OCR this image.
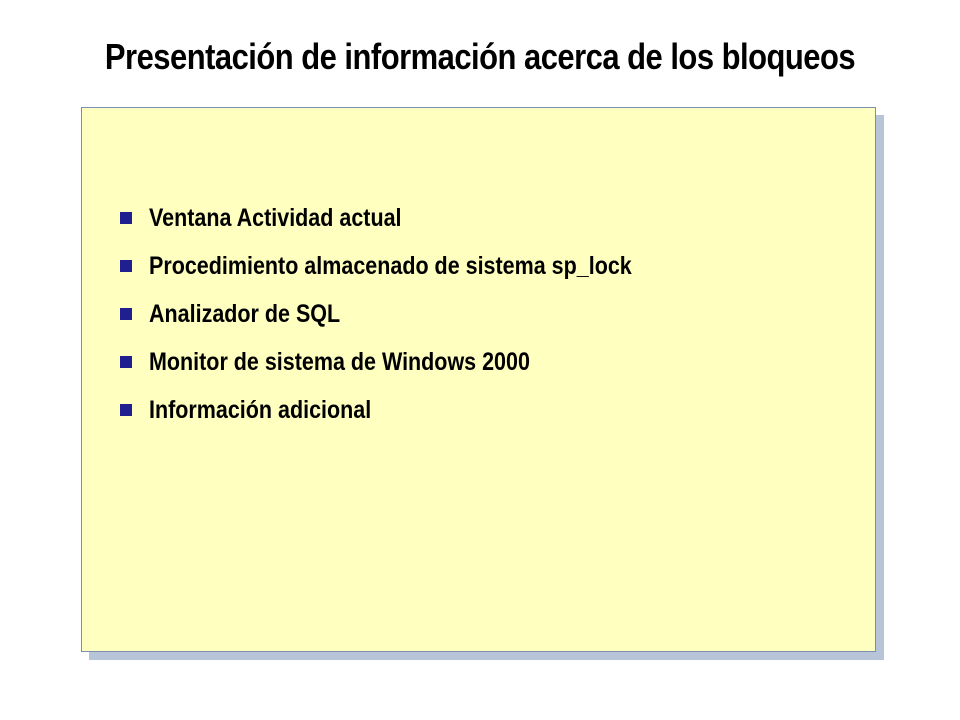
Presentación de información acerca de los bloqueos
Ventana Actividad actual
Procedimiento almacenado de sistema sp_lock
Analizador de SQL
Monitor de sistema de Windows 2000
Información adicional
